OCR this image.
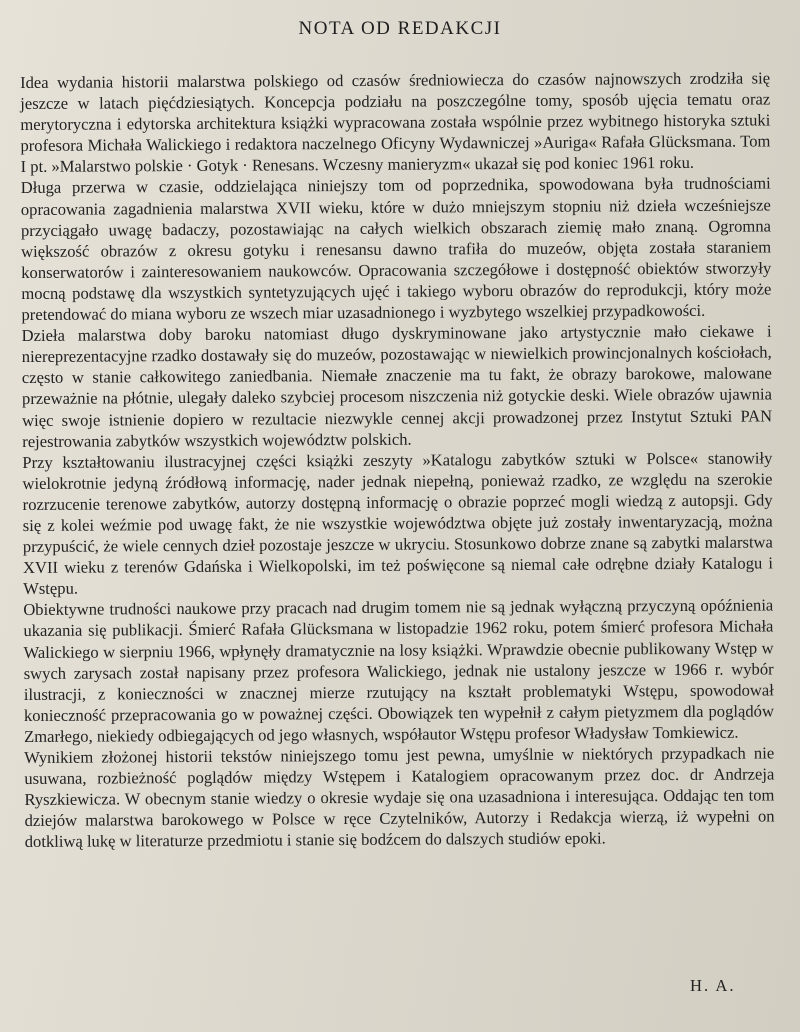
NOTA OD REDAKCJI

Idea wydania historii malarstwa polskiego od czasów średniowiecza do czasów najnowszych zrodziła się jeszcze w latach pięćdziesiątych. Koncepcja podziału na poszczególne tomy, sposób ujęcia tematu oraz merytoryczna i edytorska architektura książki wypracowana została wspólnie przez wybitnego historyka sztuki profesora Michała Walickiego i redaktora naczelnego Oficyny Wydawniczej »Auriga« Rafała Glücksmana. Tom I pt. »Malarstwo polskie · Gotyk · Renesans. Wczesny manieryzm« ukazał się pod koniec 1961 roku.

Długa przerwa w czasie, oddzielająca niniejszy tom od poprzednika, spowodowana była trudnościami opracowania zagadnienia malarstwa XVII wieku, które w dużo mniejszym stopniu niż dzieła wcześniejsze przyciągało uwagę badaczy, pozostawiając na całych wielkich obszarach ziemię mało znaną. Ogromna większość obrazów z okresu gotyku i renesansu dawno trafiła do muzeów, objęta została staraniem konserwatorów i zainteresowaniem naukowców. Opracowania szczegółowe i dostępność obiektów stworzyły mocną podstawę dla wszystkich syntetyzujących ujęć i takiego wyboru obrazów do reprodukcji, który może pretendować do miana wyboru ze wszech miar uzasadnionego i wyzbytego wszelkiej przypadkowości.

Dzieła malarstwa doby baroku natomiast długo dyskryminowane jako artystycznie mało ciekawe i niereprezentacyjne rzadko dostawały się do muzeów, pozostawając w niewielkich prowincjonalnych kościołach, często w stanie całkowitego zaniedbania. Niemałe znaczenie ma tu fakt, że obrazy barokowe, malowane przeważnie na płótnie, ulegały daleko szybciej procesom niszczenia niż gotyckie deski. Wiele obrazów ujawnia więc swoje istnienie dopiero w rezultacie niezwykle cennej akcji prowadzonej przez Instytut Sztuki PAN rejestrowania zabytków wszystkich województw polskich.

Przy kształtowaniu ilustracyjnej części książki zeszyty »Katalogu zabytków sztuki w Polsce« stanowiły wielokrotnie jedyną źródłową informację, nader jednak niepełną, ponieważ rzadko, ze względu na szerokie rozrzucenie terenowe zabytków, autorzy dostępną informację o obrazie poprzeć mogli wiedzą z autopsji. Gdy się z kolei weźmie pod uwagę fakt, że nie wszystkie województwa objęte już zostały inwentaryzacją, można przypuścić, że wiele cennych dzieł pozostaje jeszcze w ukryciu. Stosunkowo dobrze znane są zabytki malarstwa XVII wieku z terenów Gdańska i Wielkopolski, im też poświęcone są niemal całe odrębne działy Katalogu i Wstępu.

Obiektywne trudności naukowe przy pracach nad drugim tomem nie są jednak wyłączną przyczyną opóźnienia ukazania się publikacji. Śmierć Rafała Glücksmana w listopadzie 1962 roku, potem śmierć profesora Michała Walickiego w sierpniu 1966, wpłynęły dramatycznie na losy książki. Wprawdzie obecnie publikowany Wstęp w swych zarysach został napisany przez profesora Walickiego, jednak nie ustalony jeszcze w 1966 r. wybór ilustracji, z konieczności w znacznej mierze rzutujący na kształt problematyki Wstępu, spowodował konieczność przepracowania go w poważnej części. Obowiązek ten wypełnił z całym pietyzmem dla poglądów Zmarłego, niekiedy odbiegających od jego własnych, współautor Wstępu profesor Władysław Tomkiewicz.

Wynikiem złożonej historii tekstów niniejszego tomu jest pewna, umyślnie w niektórych przypadkach nie usuwana, rozbieżność poglądów między Wstępem i Katalogiem opracowanym przez doc. dr Andrzeja Ryszkiewicza. W obecnym stanie wiedzy o okresie wydaje się ona uzasadniona i interesująca. Oddając ten tom dziejów malarstwa barokowego w Polsce w ręce Czytelników, Autorzy i Redakcja wierzą, iż wypełni on dotkliwą lukę w literaturze przedmiotu i stanie się bodźcem do dalszych studiów epoki.

H. A.
